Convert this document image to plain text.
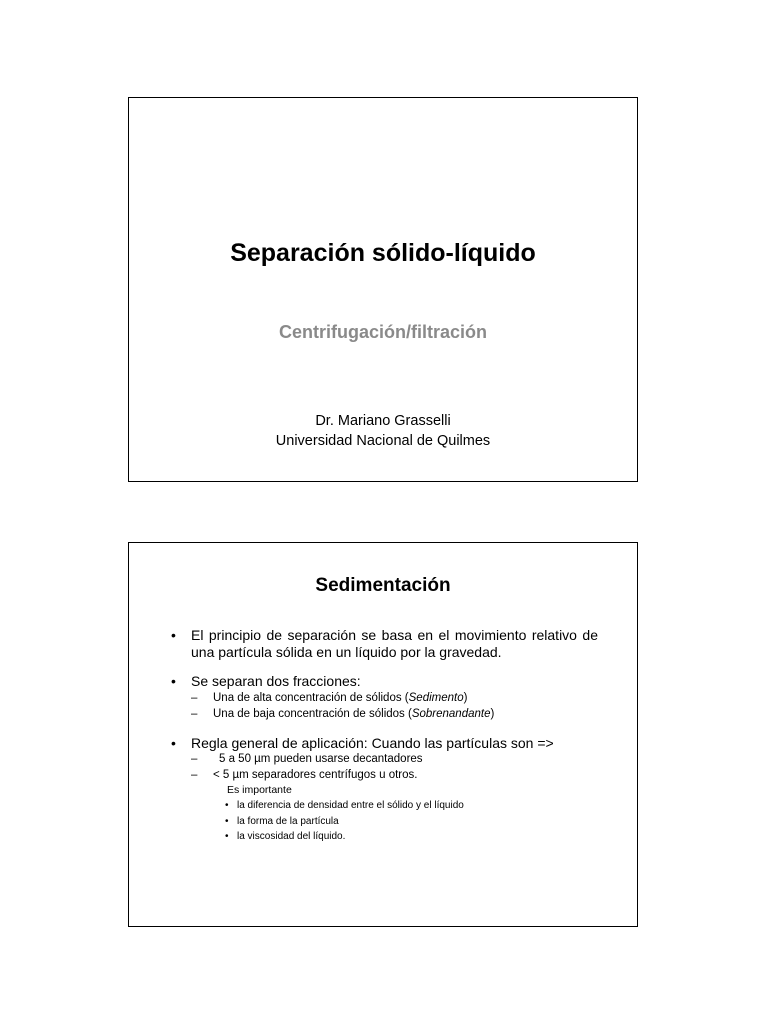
Separación sólido-líquido
Centrifugación/filtración
Dr. Mariano Grasselli
Universidad Nacional de Quilmes
Sedimentación
• El principio de separación se basa en el movimiento relativo de una partícula sólida en un líquido por la gravedad.
• Se separan dos fracciones:
– Una de alta concentración de sólidos (Sedimento)
– Una de baja concentración de sólidos (Sobrenandante)
• Regla general de aplicación: Cuando las partículas son =>
– 5 a 50 µm pueden usarse decantadores
– < 5 µm separadores centrífugos u otros.
Es importante
• la diferencia de densidad entre el sólido y el líquido
• la forma de la partícula
• la viscosidad del líquido.
